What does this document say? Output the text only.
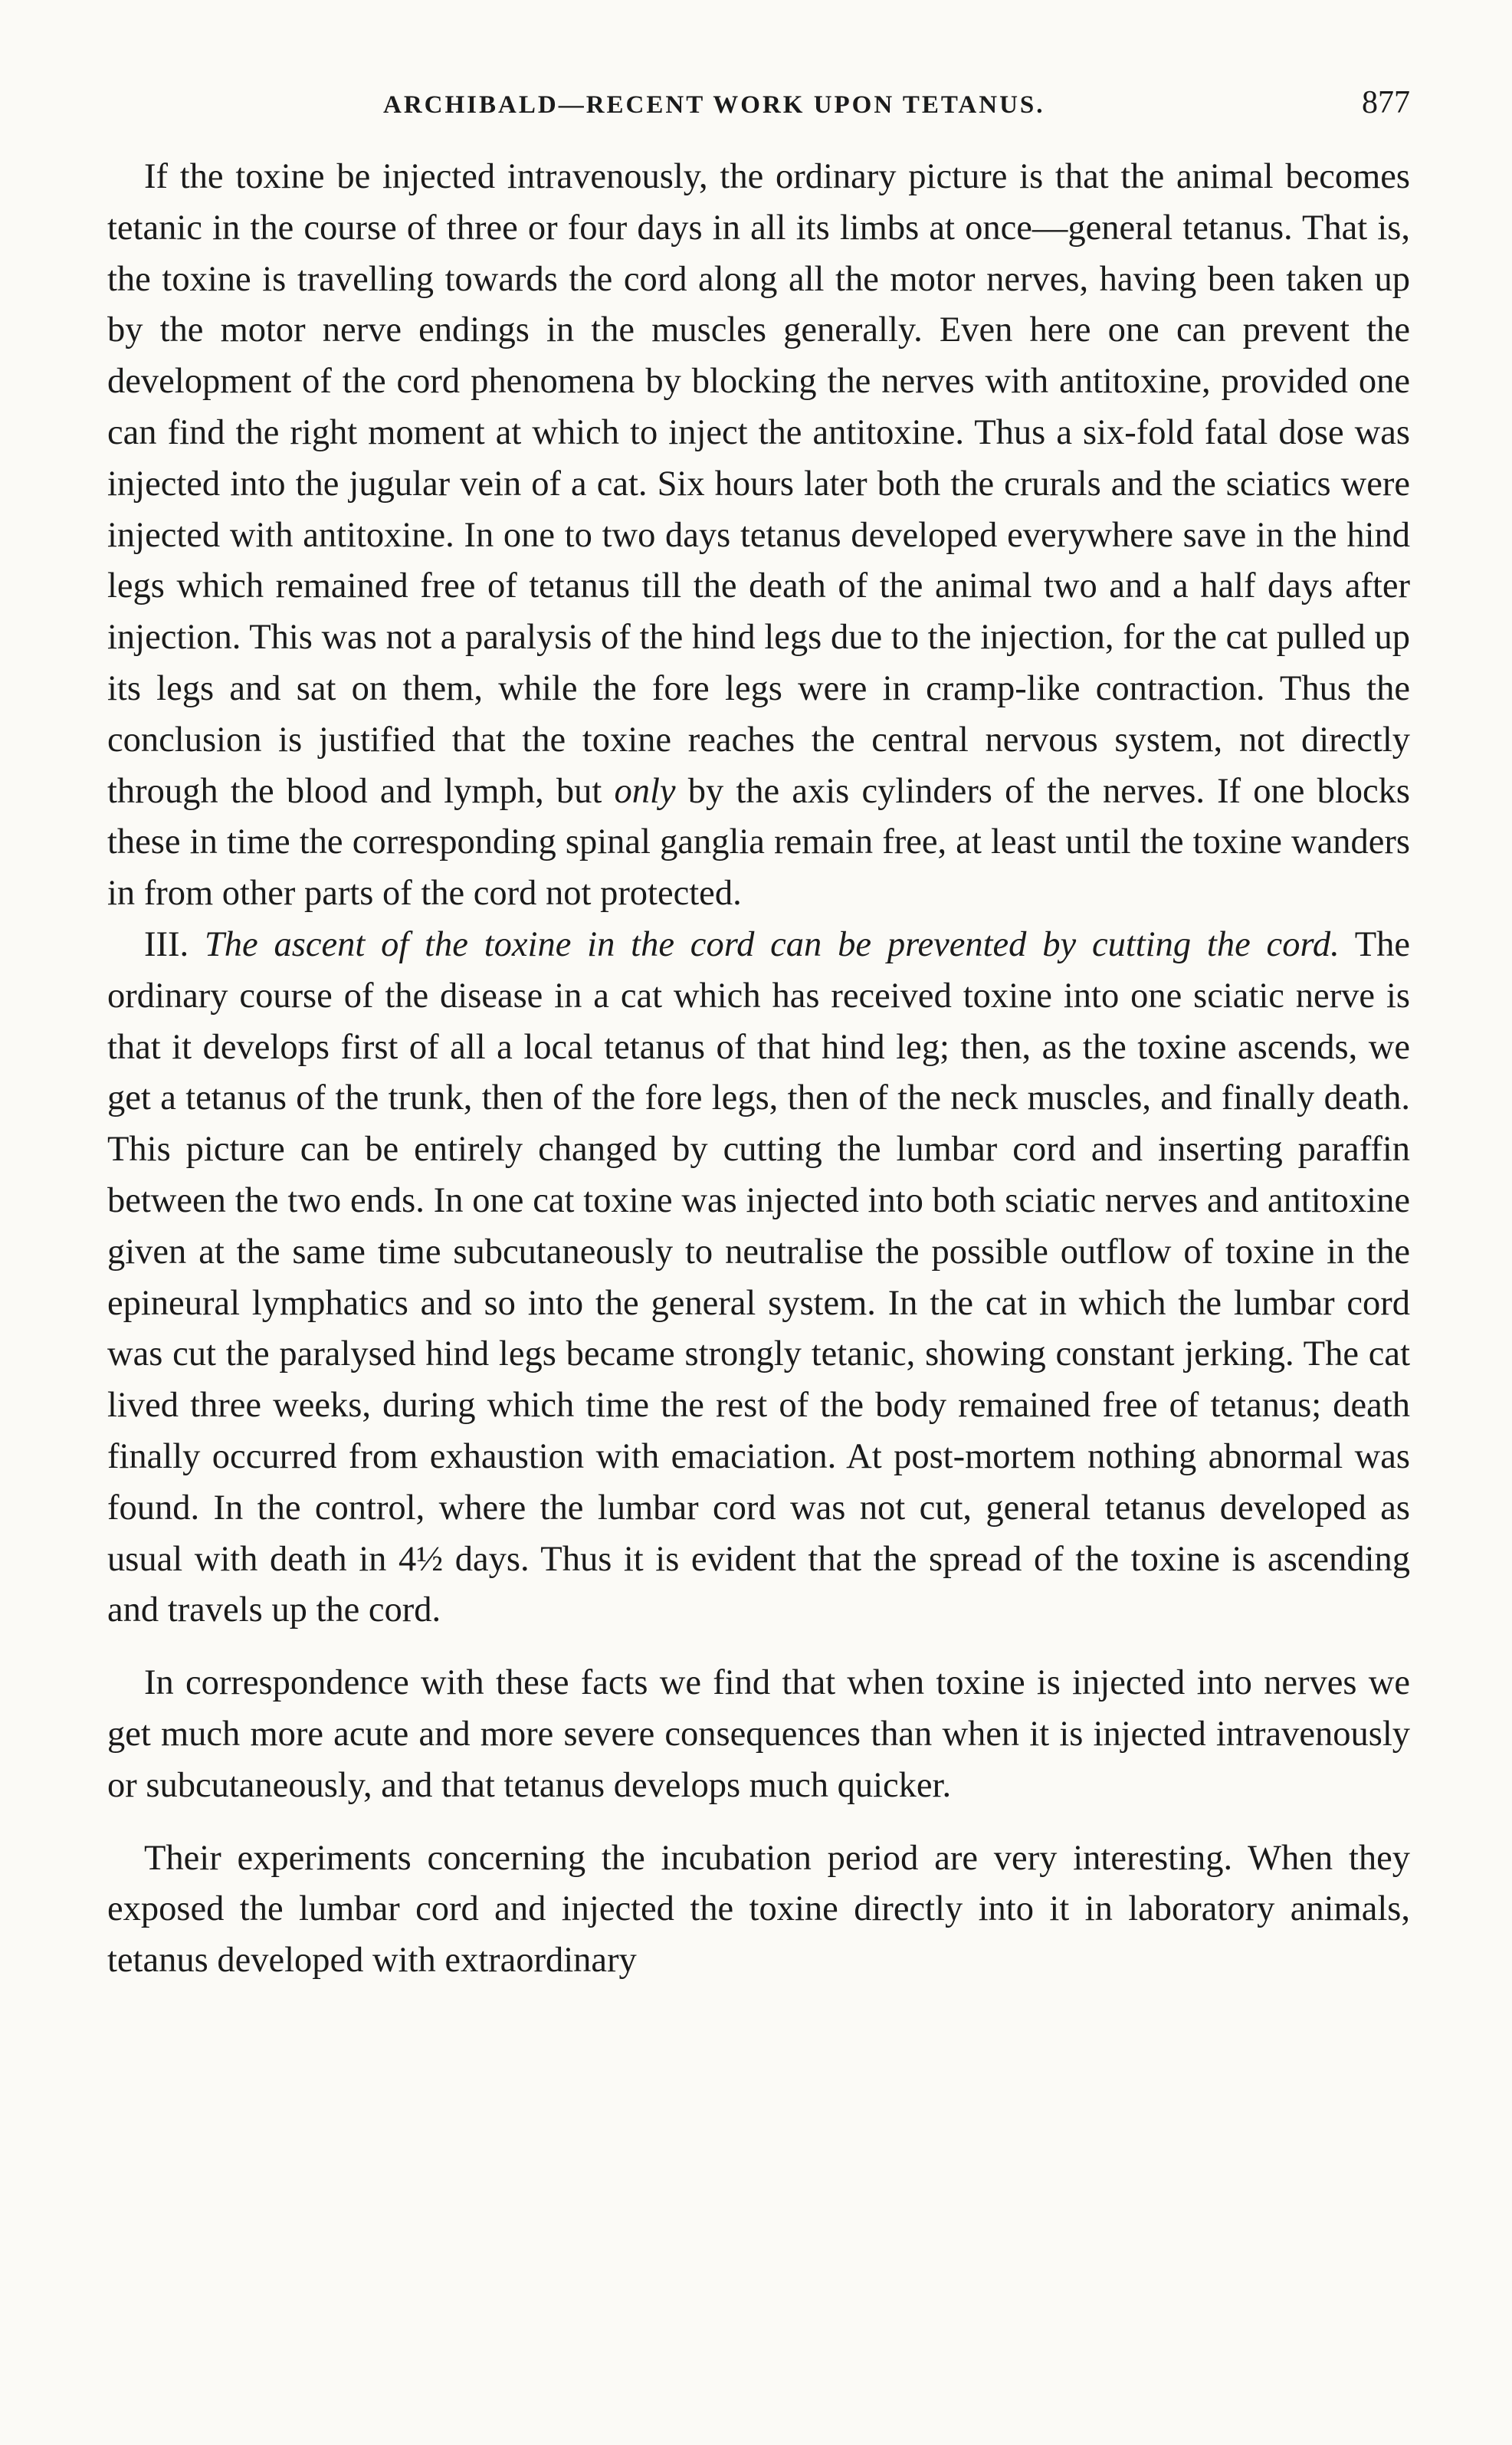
ARCHIBALD—RECENT WORK UPON TETANUS.	877

If the toxine be injected intravenously, the ordinary picture is that the animal becomes tetanic in the course of three or four days in all its limbs at once—general tetanus. That is, the toxine is travelling towards the cord along all the motor nerves, having been taken up by the motor nerve endings in the muscles generally. Even here one can prevent the development of the cord phenomena by blocking the nerves with antitoxine, provided one can find the right moment at which to inject the antitoxine. Thus a six-fold fatal dose was injected into the jugular vein of a cat. Six hours later both the crurals and the sciatics were injected with antitoxine. In one to two days tetanus developed everywhere save in the hind legs which remained free of tetanus till the death of the animal two and a half days after injection. This was not a paralysis of the hind legs due to the injection, for the cat pulled up its legs and sat on them, while the fore legs were in cramp-like contraction. Thus the conclusion is justified that the toxine reaches the central nervous system, not directly through the blood and lymph, but only by the axis cylinders of the nerves. If one blocks these in time the corresponding spinal ganglia remain free, at least until the toxine wanders in from other parts of the cord not protected.

III. The ascent of the toxine in the cord can be prevented by cutting the cord. The ordinary course of the disease in a cat which has received toxine into one sciatic nerve is that it develops first of all a local tetanus of that hind leg; then, as the toxine ascends, we get a tetanus of the trunk, then of the fore legs, then of the neck muscles, and finally death. This picture can be entirely changed by cutting the lumbar cord and inserting paraffin between the two ends. In one cat toxine was injected into both sciatic nerves and antitoxine given at the same time subcutaneously to neutralise the possible outflow of toxine in the epineural lymphatics and so into the general system. In the cat in which the lumbar cord was cut the paralysed hind legs became strongly tetanic, showing constant jerking. The cat lived three weeks, during which time the rest of the body remained free of tetanus; death finally occurred from exhaustion with emaciation. At post-mortem nothing abnormal was found. In the control, where the lumbar cord was not cut, general tetanus developed as usual with death in 4½ days. Thus it is evident that the spread of the toxine is ascending and travels up the cord.

In correspondence with these facts we find that when toxine is injected into nerves we get much more acute and more severe consequences than when it is injected intravenously or subcutaneously, and that tetanus develops much quicker.

Their experiments concerning the incubation period are very interesting. When they exposed the lumbar cord and injected the toxine directly into it in laboratory animals, tetanus developed with extraordinary
